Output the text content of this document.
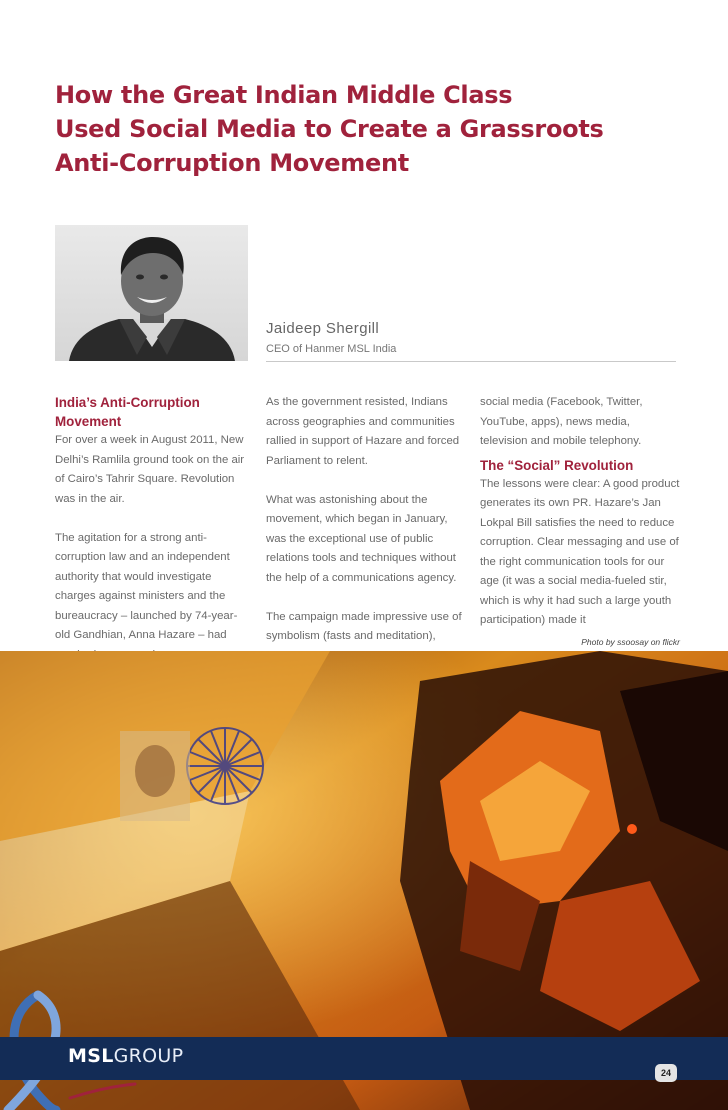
How the Great Indian Middle Class
Used Social Media to Create a Grassroots
Anti-Corruption Movement
Jaideep Shergill
CEO of Hanmer MSL India

India’s Anti-Corruption Movement

For over a week in August 2011, New Delhi’s Ramlila ground took on the air of Cairo’s Tahrir Square. Revolution was in the air.

The agitation for a strong anti-corruption law and an independent authority that would investigate charges against ministers and the bureaucracy – launched by 74-year-old Gandhian, Anna Hazare – had

As the government resisted, Indians across geographies and communities rallied in support of Hazare and forced Parliament to relent.

What was astonishing about the movement, which began in January, was the exceptional use of public relations tools and techniques without the help of a communications agency.

The campaign made impressive use of symbolism (fasts and meditation),

social media (Facebook, Twitter, YouTube, apps), news media, television and mobile telephony.

The “Social” Revolution

The lessons were clear: A good product generates its own PR. Hazare’s Jan Lokpal Bill satisfies the need to reduce corruption. Clear messaging and use of the right communication tools for our age (it was a social media-fueled stir, which is why it had such a large youth participation) made it

Photo by ssoosay on flickr
MSLGROUP
24
